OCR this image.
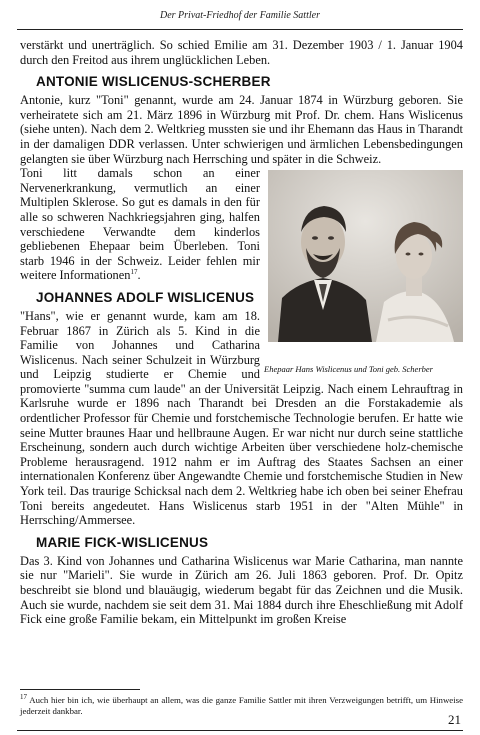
Der Privat-Friedhof der Familie Sattler

verstärkt und unerträglich. So schied Emilie am 31. Dezember 1903 / 1. Januar 1904 durch den Freitod aus ihrem unglücklichen Leben.

ANTONIE WISLICENUS-SCHERBER

Antonie, kurz "Toni" genannt, wurde am 24. Januar 1874 in Würzburg geboren. Sie verheiratete sich am 21. März 1896 in Würzburg mit Prof. Dr. chem. Hans Wislicenus (siehe unten). Nach dem 2. Weltkrieg mussten sie und ihr Ehemann das Haus in Tharandt in der damaligen DDR verlassen. Unter schwierigen und ärmlichen Lebensbedingungen gelangten sie über Würzburg nach Herrsching und später in die Schweiz.

Ehepaar Hans Wislicenus und Toni geb. Scherber

Toni litt damals schon an einer Nervenerkrankung, vermutlich an einer Multiplen Sklerose. So gut es damals in den für alle so schweren Nachkriegsjahren ging, halfen verschiedene Verwandte dem kinderlos gebliebenen Ehepaar beim Überleben. Toni starb 1946 in der Schweiz. Leider fehlen mir weitere Informationen$^{17}$.

JOHANNES ADOLF WISLICENUS

"Hans", wie er genannt wurde, kam am 18. Februar 1867 in Zürich als 5. Kind in die Familie von Johannes und Catharina Wislicenus. Nach seiner Schulzeit in Würzburg und Leipzig studierte er Chemie und promovierte "summa cum laude" an der Universität Leipzig. Nach einem Lehrauftrag in Karlsruhe wurde er 1896 nach Tharandt bei Dresden an die Forstakademie als ordentlicher Professor für Chemie und forstchemische Technologie berufen. Er hatte wie seine Mutter braunes Haar und hellbraune Augen. Er war nicht nur durch seine stattliche Erscheinung, sondern auch durch wichtige Arbeiten über verschiedene holz-chemische Probleme herausragend. 1912 nahm er im Auftrag des Staates Sachsen an einer internationalen Konferenz über Angewandte Chemie und forstchemische Studien in New York teil. Das traurige Schicksal nach dem 2. Weltkrieg habe ich oben bei seiner Ehefrau Toni bereits angedeutet. Hans Wislicenus starb 1951 in der "Alten Mühle" in Herrsching/Ammersee.

MARIE FICK-WISLICENUS

Das 3. Kind von Johannes und Catharina Wislicenus war Marie Catharina, man nannte sie nur "Marieli". Sie wurde in Zürich am 26. Juli 1863 geboren. Prof. Dr. Opitz beschreibt sie blond und blauäugig, wiederum begabt für das Zeichnen und die Musik. Auch sie wurde, nachdem sie seit dem 31. Mai 1884 durch ihre Eheschließung mit Adolf Fick eine große Familie bekam, ein Mittelpunkt im großen Kreise

$^{17}$ Auch hier bin ich, wie überhaupt an allem, was die ganze Familie Sattler mit ihren Verzweigungen betrifft, um Hinweise jederzeit dankbar.
21
